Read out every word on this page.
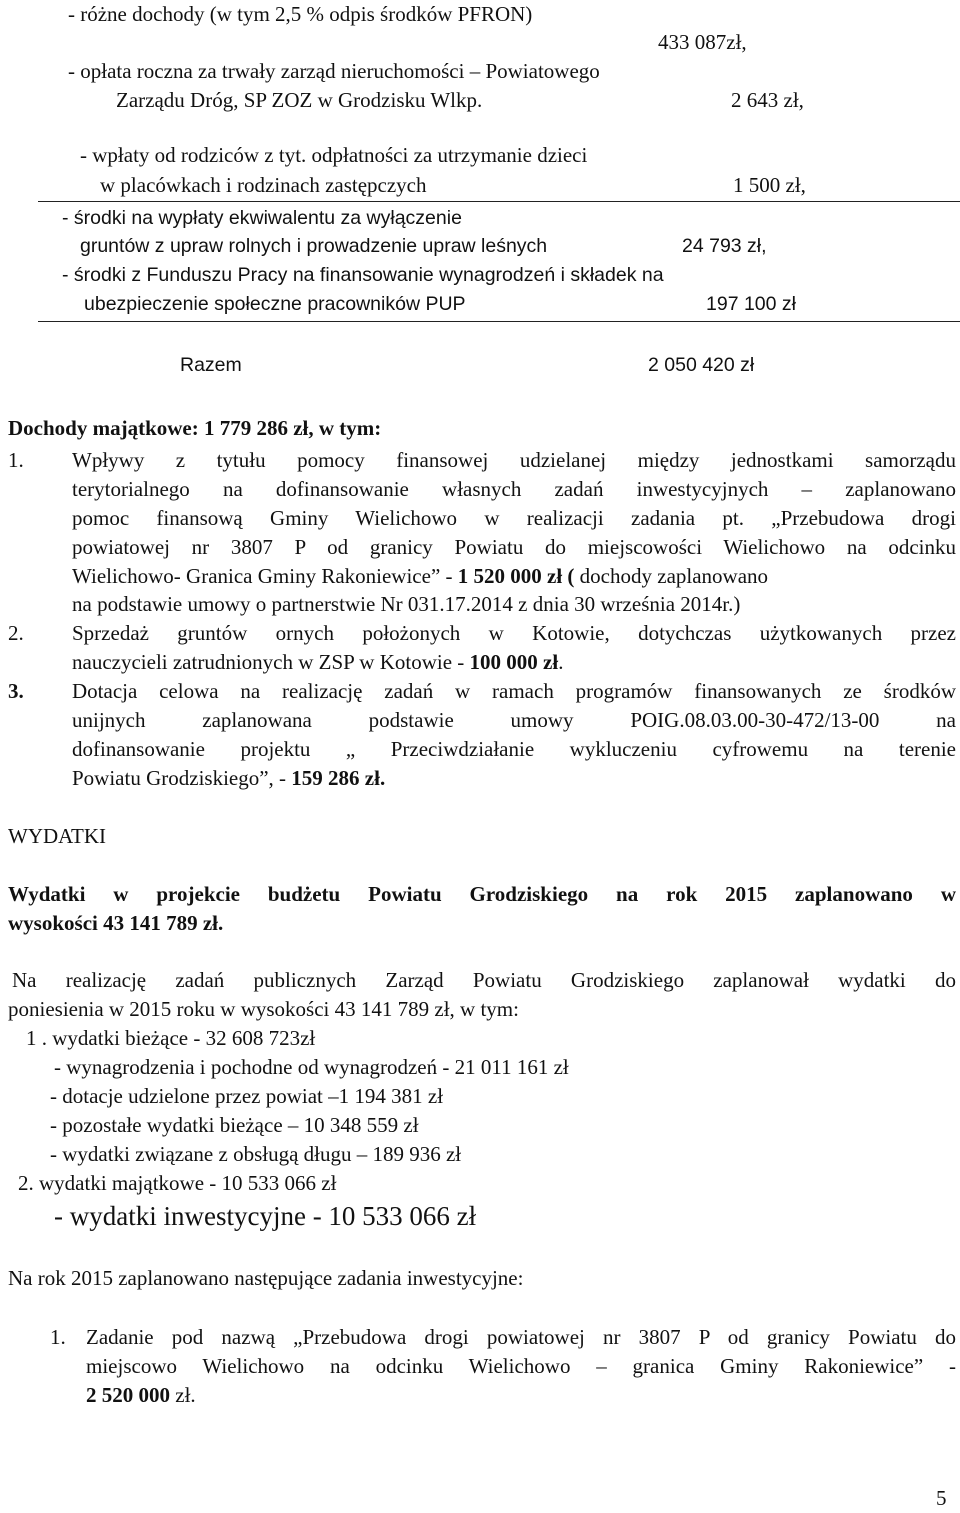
- różne dochody (w tym 2,5 % odpis środków PFRON)
433 087zł,
- opłata roczna za trwały zarząd nieruchomości – Powiatowego
Zarządu Dróg, SP ZOZ w Grodzisku Wlkp.	2 643 zł,
- wpłaty od rodziców z tyt. odpłatności za utrzymanie dzieci
w placówkach i rodzinach zastępczych	1 500 zł,
- środki na wypłaty ekwiwalentu za wyłączenie
gruntów z upraw rolnych i prowadzenie upraw leśnych	24 793 zł,
- środki z Funduszu Pracy na finansowanie wynagrodzeń i składek na
ubezpieczenie społeczne pracowników PUP	197 100 zł
Razem	2 050 420 zł
Dochody majątkowe: 1 779 286 zł, w tym:
1. Wpływy z tytułu pomocy finansowej udzielanej między jednostkami samorządu
terytorialnego na dofinansowanie własnych zadań inwestycyjnych – zaplanowano
pomoc finansową Gminy Wielichowo w realizacji zadania pt. „Przebudowa drogi
powiatowej nr 3807 P od granicy Powiatu do miejscowości Wielichowo na odcinku
Wielichowo- Granica Gminy Rakoniewice” - 1 520 000 zł ( dochody zaplanowano
na podstawie umowy o partnerstwie Nr 031.17.2014 z dnia 30 września 2014r.)
2. Sprzedaż gruntów ornych położonych w Kotowie, dotychczas użytkowanych przez
nauczycieli zatrudnionych w ZSP w Kotowie - 100 000 zł.
3. Dotacja celowa na realizację zadań w ramach programów finansowanych ze środków
unijnych zaplanowana podstawie umowy POIG.08.03.00-30-472/13-00 na
dofinansowanie projektu „ Przeciwdziałanie wykluczeniu cyfrowemu na terenie
Powiatu Grodziskiego”, - 159 286 zł.
WYDATKI
Wydatki w projekcie budżetu Powiatu Grodziskiego na rok 2015 zaplanowano w
wysokości 43 141 789 zł.
Na realizację zadań publicznych Zarząd Powiatu Grodziskiego zaplanował wydatki do
poniesienia w 2015 roku w wysokości 43 141 789 zł, w tym:
1 . wydatki bieżące - 32 608 723zł
- wynagrodzenia i pochodne od wynagrodzeń - 21 011 161 zł
- dotacje udzielone przez powiat –1 194 381 zł
- pozostałe wydatki bieżące – 10 348 559 zł
- wydatki związane z obsługą długu – 189 936 zł
2. wydatki majątkowe - 10 533 066 zł
- wydatki inwestycyjne - 10 533 066 zł
Na rok 2015 zaplanowano następujące zadania inwestycyjne:
1. Zadanie pod nazwą „Przebudowa drogi powiatowej nr 3807 P od granicy Powiatu do
miejscowo Wielichowo na odcinku Wielichowo – granica Gminy Rakoniewice” -
2 520 000 zł.
5
